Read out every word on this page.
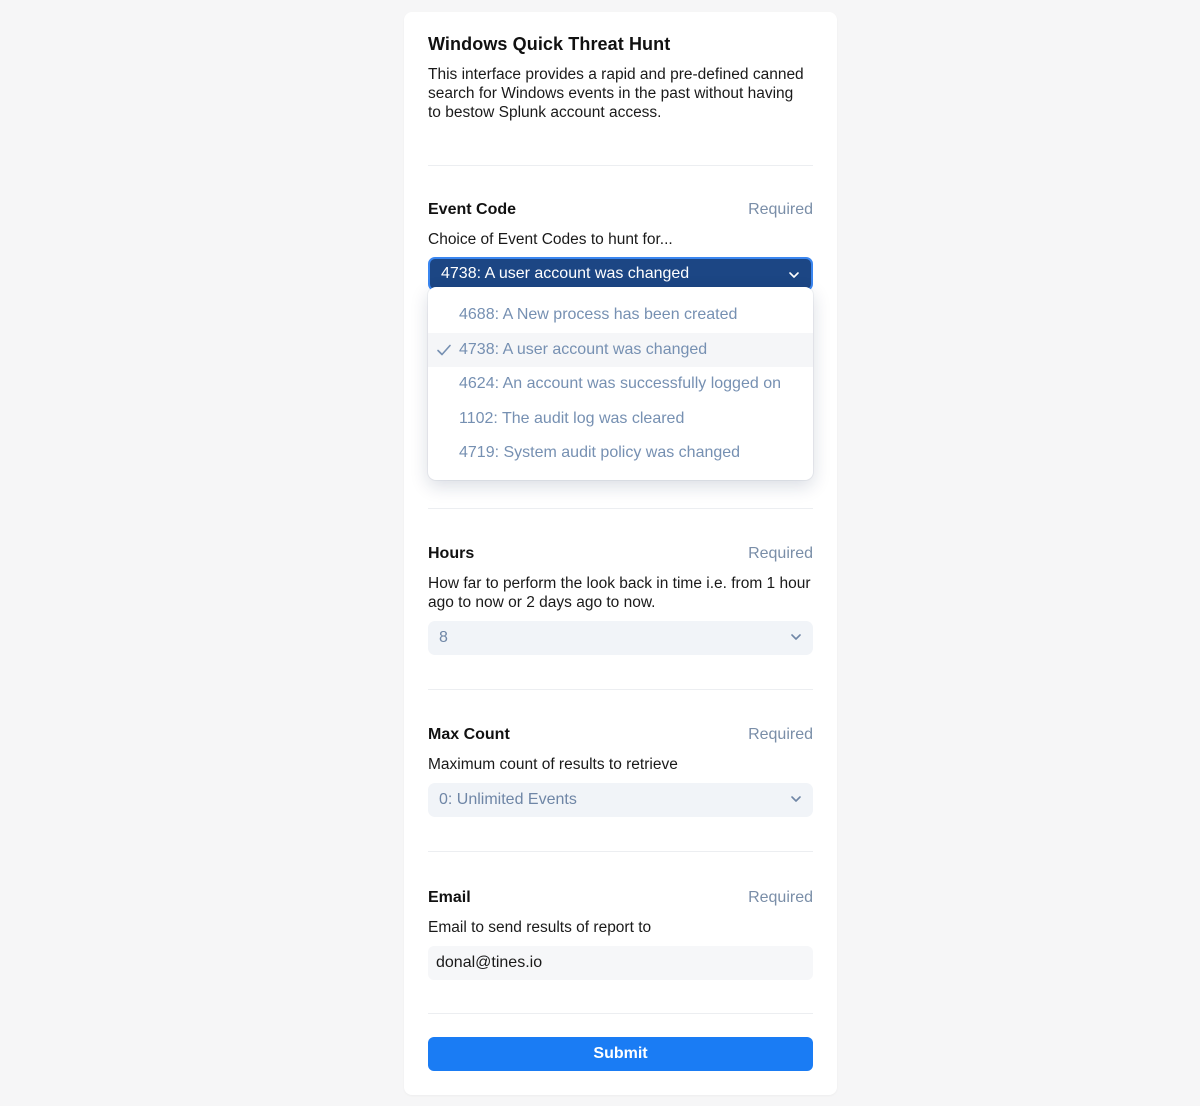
Windows Quick Threat Hunt
This interface provides a rapid and pre-defined canned search for Windows events in the past without having to bestow Splunk account access.
Event Code	Required
Choice of Event Codes to hunt for...
4738: A user account was changed
Hours	Required
How far to perform the look back in time i.e. from 1 hour ago to now or 2 days ago to now.
8
Max Count	Required
Maximum count of results to retrieve
0: Unlimited Events
Email	Required
Email to send results of report to
donal@tines.io
Submit
4688: A New process has been created
4738: A user account was changed
4624: An account was successfully logged on
1102: The audit log was cleared
4719: System audit policy was changed
